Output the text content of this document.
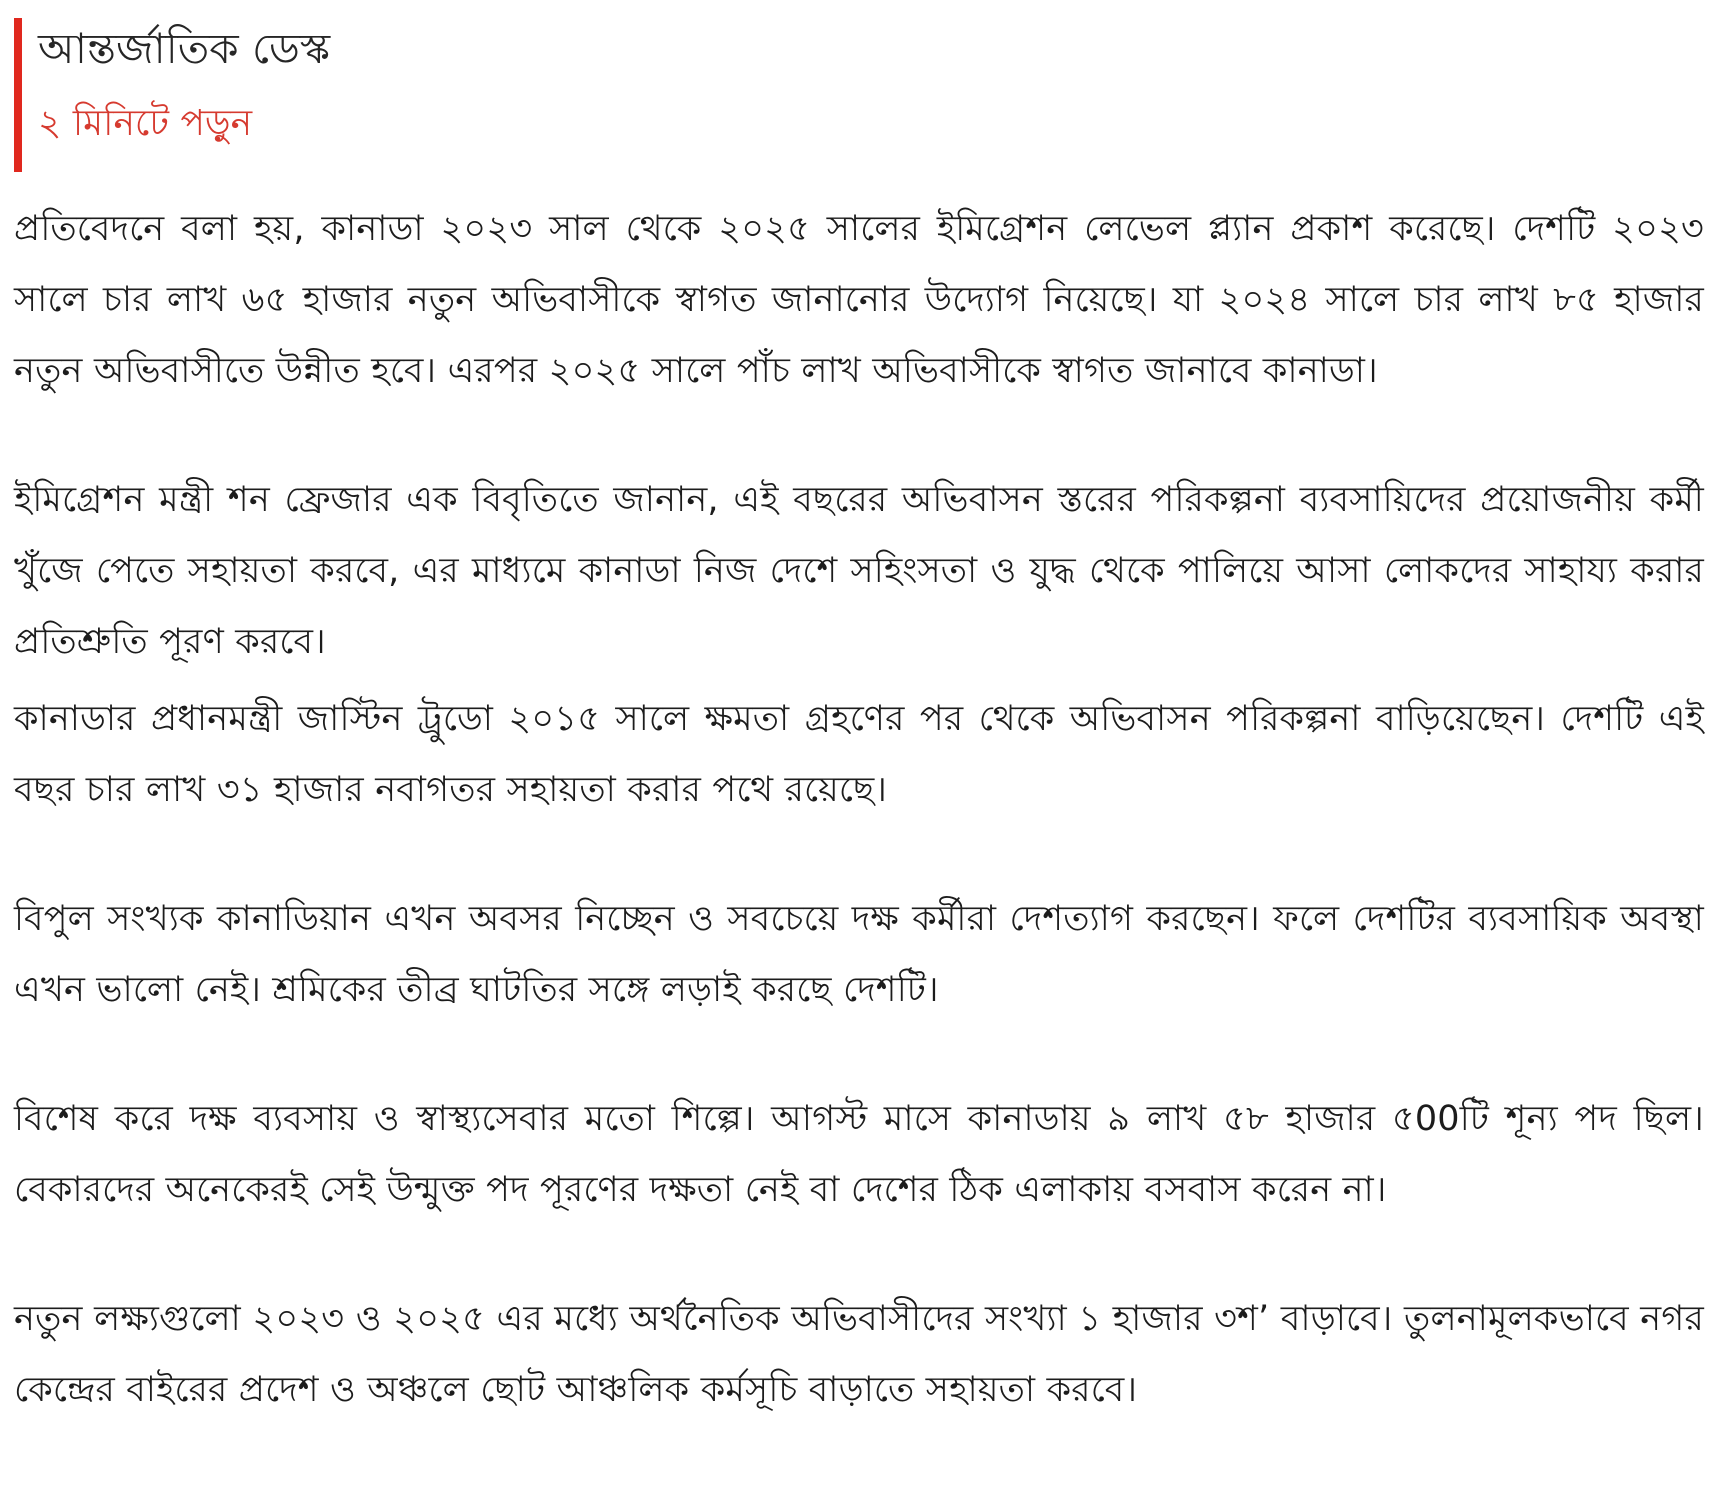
আন্তর্জাতিক ডেস্ক
২ মিনিটে পড়ুন

প্রতিবেদনে বলা হয়, কানাডা ২০২৩ সাল থেকে ২০২৫ সালের ইমিগ্রেশন লেভেল প্ল্যান প্রকাশ করেছে। দেশটি ২০২৩ সালে চার লাখ ৬৫ হাজার নতুন অভিবাসীকে স্বাগত জানানোর উদ্যোগ নিয়েছে। যা ২০২৪ সালে চার লাখ ৮৫ হাজার নতুন অভিবাসীতে উন্নীত হবে। এরপর ২০২৫ সালে পাঁচ লাখ অভিবাসীকে স্বাগত জানাবে কানাডা।

ইমিগ্রেশন মন্ত্রী শন ফ্রেজার এক বিবৃতিতে জানান, এই বছরের অভিবাসন স্তরের পরিকল্পনা ব্যবসায়িদের প্রয়োজনীয় কর্মী খুঁজে পেতে সহায়তা করবে, এর মাধ্যমে কানাডা নিজ দেশে সহিংসতা ও যুদ্ধ থেকে পালিয়ে আসা লোকদের সাহায্য করার প্রতিশ্রুতি পূরণ করবে।

কানাডার প্রধানমন্ত্রী জাস্টিন ট্রুডো ২০১৫ সালে ক্ষমতা গ্রহণের পর থেকে অভিবাসন পরিকল্পনা বাড়িয়েছেন। দেশটি এই বছর চার লাখ ৩১ হাজার নবাগতর সহায়তা করার পথে রয়েছে।

বিপুল সংখ্যক কানাডিয়ান এখন অবসর নিচ্ছেন ও সবচেয়ে দক্ষ কর্মীরা দেশত্যাগ করছেন। ফলে দেশটির ব্যবসায়িক অবস্থা এখন ভালো নেই। শ্রমিকের তীব্র ঘাটতির সঙ্গে লড়াই করছে দেশটি।

বিশেষ করে দক্ষ ব্যবসায় ও স্বাস্থ্যসেবার মতো শিল্পে। আগস্ট মাসে কানাডায় ৯ লাখ ৫৮ হাজার ৫00টি শূন্য পদ ছিল। বেকারদের অনেকেরই সেই উন্মুক্ত পদ পূরণের দক্ষতা নেই বা দেশের ঠিক এলাকায় বসবাস করেন না।

নতুন লক্ষ্যগুলো ২০২৩ ও ২০২৫ এর মধ্যে অর্থনৈতিক অভিবাসীদের সংখ্যা ১ হাজার ৩শ’ বাড়াবে। তুলনামূলকভাবে নগর কেন্দ্রের বাইরের প্রদেশ ও অঞ্চলে ছোট আঞ্চলিক কর্মসূচি বাড়াতে সহায়তা করবে।
